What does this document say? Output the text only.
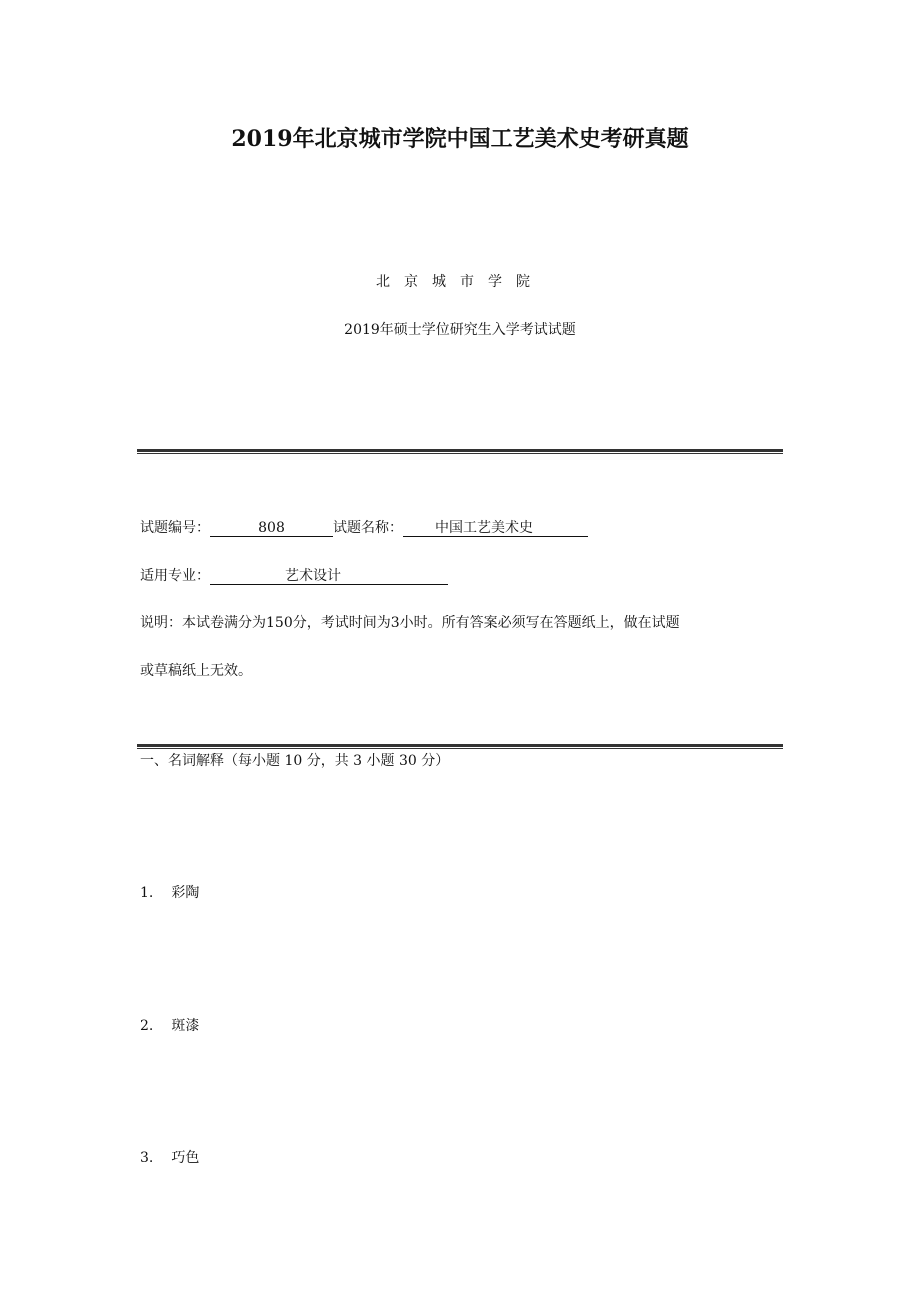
2019年北京城市学院中国工艺美术史考研真题
北京城市学院
2019年硕士学位研究生入学考试试题
试题编号：	808	试题名称： 中国工艺美术史
适用专业：	艺术设计
说明：本试卷满分为150分，考试时间为3小时。所有答案必须写在答题纸上，做在试题
或草稿纸上无效。
一、名词解释（每小题 10 分，共 3 小题 30 分）
1. 彩陶
2. 斑漆
3. 巧色
